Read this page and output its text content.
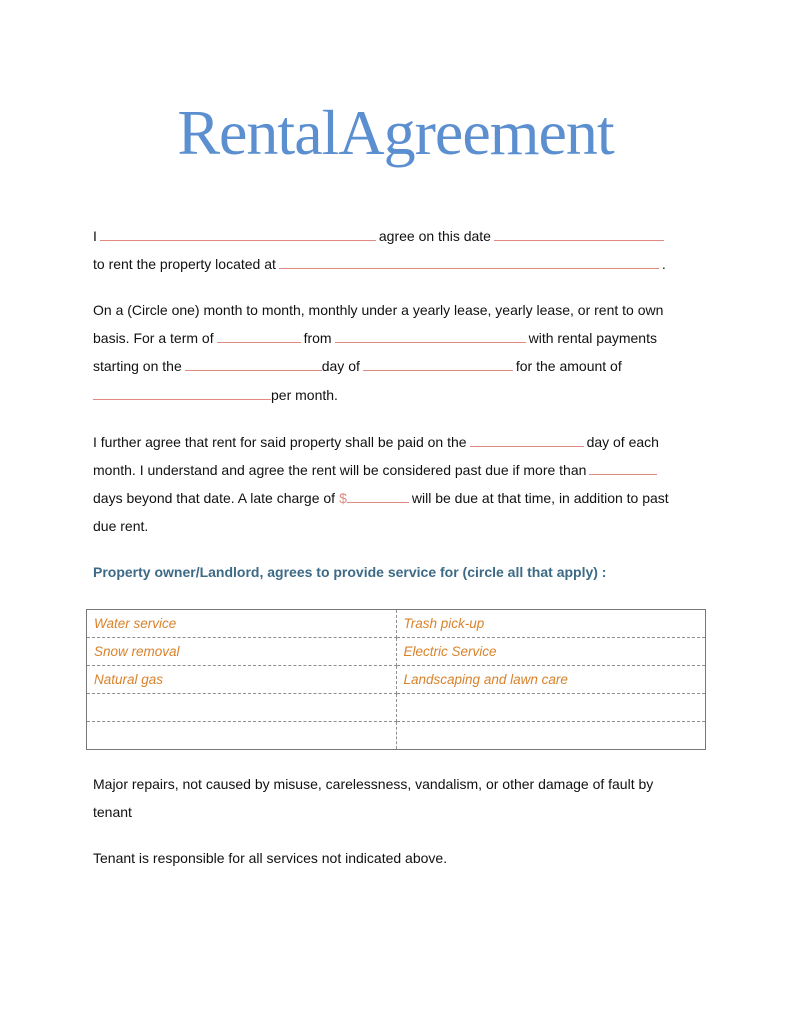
RentalAgreement
I	agree on this date
to rent the property located at	.
On a (Circle one) month to month, monthly under a yearly lease, yearly lease, or rent to own
basis. For a term of	from	with rental payments
starting on the	day of	for the amount of
per month.
I further agree that rent for said property shall be paid on the	day of each
month. I understand and agree the rent will be considered past due if more than
days beyond that date. A late charge of $	will be due at that time, in addition to past
due rent.
Property owner/Landlord, agrees to provide service for (circle all that apply) :
Water service	Trash pick-up
Snow removal	Electric Service
Natural gas	Landscaping and lawn care

Major repairs, not caused by misuse, carelessness, vandalism, or other damage of fault by
tenant
Tenant is responsible for all services not indicated above.
